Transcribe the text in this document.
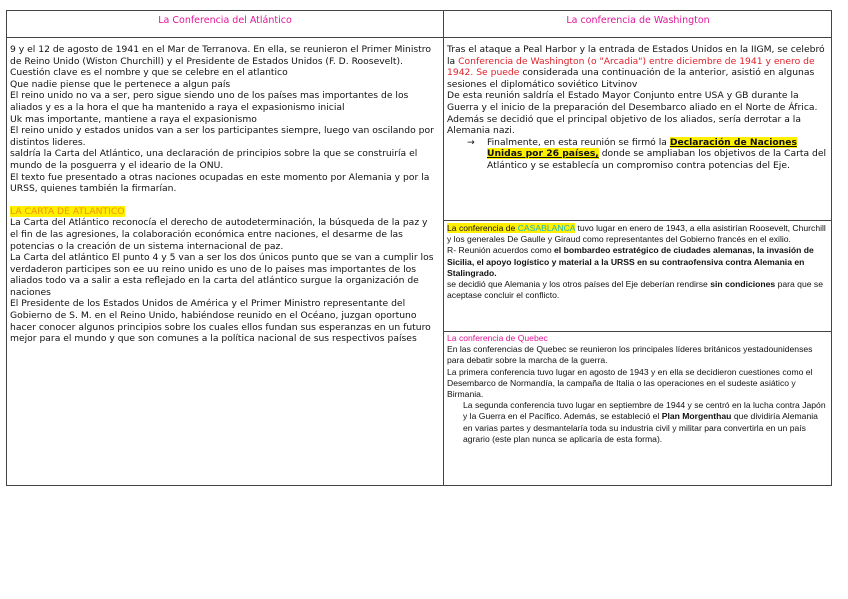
La Conferencia del Atlántico	La conferencia de Washington

9 y el 12 de agosto de 1941 en el Mar de Terranova. En ella, se reunieron el Primer Ministro de Reino Unido (Wiston Churchill) y el Presidente de Estados Unidos (F. D. Roosevelt).

Cuestión clave es el nombre y que se celebre en el atlantico

Que nadie piense que le pertenece a algun país

El reino unido no va a ser, pero sigue siendo uno de los países mas importantes de los aliados y es a la hora el que ha mantenido a raya el expasionismo inicial

Uk mas importante, mantiene a raya el expasionismo

El reino unido y estados unidos van a ser los participantes siempre, luego van oscilando por distintos lideres.

saldría la Carta del Atlántico, una declaración de principios sobre la que se construiría el mundo de la posguerra y el ideario de la ONU.

El texto fue presentado a otras naciones ocupadas en este momento por Alemania y por la URSS, quienes también la firmarían.

LA CARTA DE ATLANTICO

La Carta del Atlántico reconocía el derecho de autodeterminación, la búsqueda de la paz y el fin de las agresiones, la colaboración económica entre naciones, el desarme de las potencias o la creación de un sistema internacional de paz.

La Carta del atlántico El punto 4 y 5 van a ser los dos únicos punto que se van a cumplir los verdaderon participes son ee uu reino unido es uno de lo paises mas importantes de los aliados todo va a salir a esta reflejado en la carta del atlántico surgue la organización de naciones

El Presidente de los Estados Unidos de América y el Primer Ministro representante del Gobierno de S. M. en el Reino Unido, habiéndose reunido en el Océano, juzgan oportuno hacer conocer algunos principios sobre los cuales ellos fundan sus esperanzas en un futuro mejor para el mundo y que son comunes a la política nacional de sus respectivos países

Tras el ataque a Peal Harbor y la entrada de Estados Unidos en la IIGM, se celebró la Conferencia de Washington (o "Arcadia") entre diciembre de 1941 y enero de 1942. Se puede considerada una continuación de la anterior, asistió en algunas sesiones el diplomático soviético Litvinov

De esta reunión saldría el Estado Mayor Conjunto entre USA y GB durante la Guerra y el inicio de la preparación del Desembarco aliado en el Norte de África. Además se decidió que el principal objetivo de los aliados, sería derrotar a la Alemania nazi.

→ Finalmente, en esta reunión se firmó la Declaración de Naciones Unidas por 26 países, donde se ampliaban los objetivos de la Carta del Atlántico y se establecía un compromiso contra potencias del Eje.

La conferencia de CASABLANCA tuvo lugar en enero de 1943, a ella asistirían Roosevelt, Churchill y los generales De Gaulle y Giraud como representantes del Gobierno francés en el exilio.

R- Reunión acuerdos como el bombardeo estratégico de ciudades alemanas, la invasión de Sicilia, el apoyo logístico y material a la URSS en su contraofensiva contra Alemania en Stalingrado.

se decidió que Alemania y los otros países del Eje deberían rendirse sin condiciones para que se aceptase concluir el conflicto.

La conferencia de Quebec

En las conferencias de Quebec se reunieron los principales líderes británicos yestadounidenses para debatir sobre la marcha de la guerra.

La primera conferencia tuvo lugar en agosto de 1943 y en ella se decidieron cuestiones como el Desembarco de Normandía, la campaña de Italia o las operaciones en el sudeste asiático y Birmania.

La segunda conferencia tuvo lugar en septiembre de 1944 y se centró en la lucha contra Japón y la Guerra en el Pacífico. Además, se estableció el Plan Morgenthau que dividiría Alemania en varias partes y desmantelaría toda su industria civil y militar para convertirla en un país agrario (este plan nunca se aplicaría de esta forma).
